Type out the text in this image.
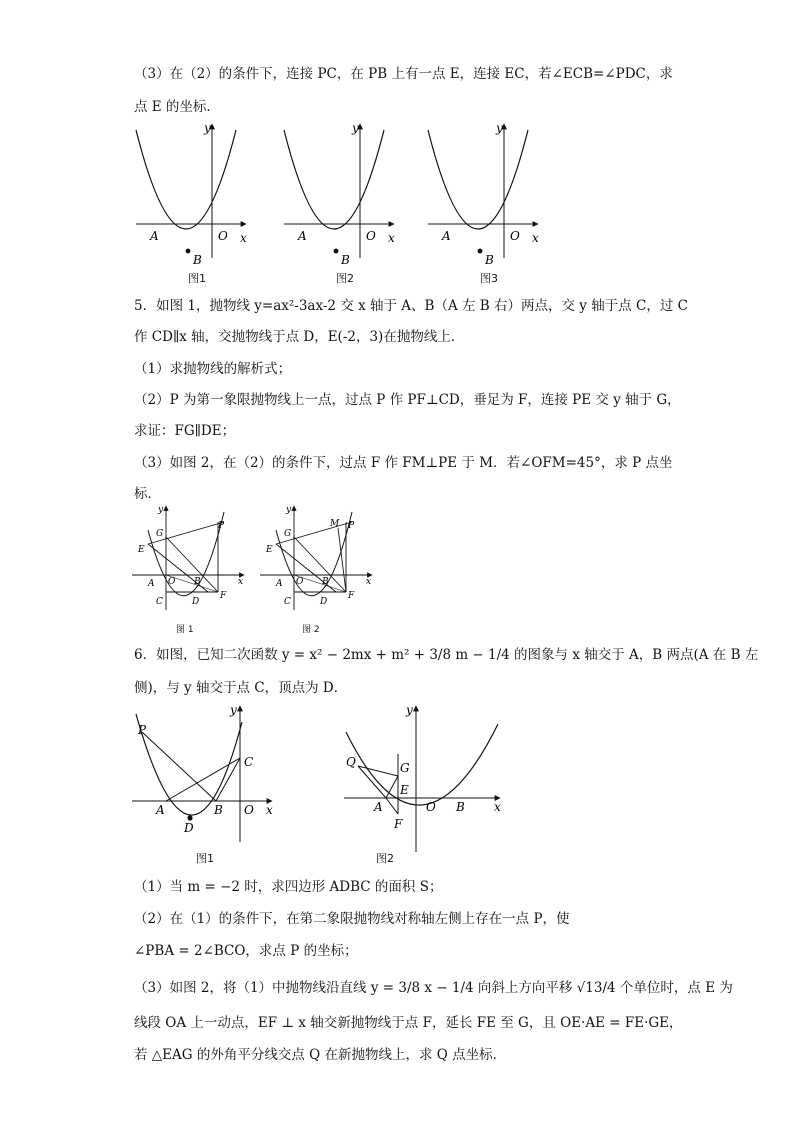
（3）在（2）的条件下，连接 PC，在 PB 上有一点 E，连接 EC，若∠ECB=∠PDC，求
点 E 的坐标．
y
x
A	O
B
y
x
A	O
B
y
x
A	O
B
图1	图2	图3
5．如图 1，抛物线 y=ax²-3ax-2 交 x 轴于 A、B（A 左 B 右）两点，交 y 轴于点 C，过 C
作 CD∥x 轴，交抛物线于点 D，E(-2，3)在抛物线上．
（1）求抛物线的解析式；
（2）P 为第一象限抛物线上一点，过点 P 作 PF⊥CD，垂足为 F，连接 PE 交 y 轴于 G，
求证：FG∥DE；
（3）如图 2，在（2）的条件下，过点 F 作 FM⊥PE 于 M．若∠OFM=45°，求 P 点坐
标．
y
x
P
G
E
A O B
C	D
F
y
x
P
M
G
E
A O B
C	D
F
图 1	图 2
6．如图，已知二次函数 y = x² − 2mx + m² + 3/8 m − 1/4 的图象与 x 轴交于 A，B 两点(A 在 B 左
侧)，与 y 轴交于点 C，顶点为 D．
y
x
P
C
A	B O
D
y
x
Q	G
E
A	O B
F
图1	图2
（1）当 m = −2 时，求四边形 ADBC 的面积 S；
（2）在（1）的条件下，在第二象限抛物线对称轴左侧上存在一点 P，使
∠PBA = 2∠BCO，求点 P 的坐标；
（3）如图 2，将（1）中抛物线沿直线 y = 3/8 x − 1/4 向斜上方向平移 √13/4 个单位时，点 E 为
线段 OA 上一动点，EF ⊥ x 轴交新抛物线于点 F，延长 FE 至 G，且 OE·AE = FE·GE，
若 △EAG 的外角平分线交点 Q 在新抛物线上，求 Q 点坐标．
